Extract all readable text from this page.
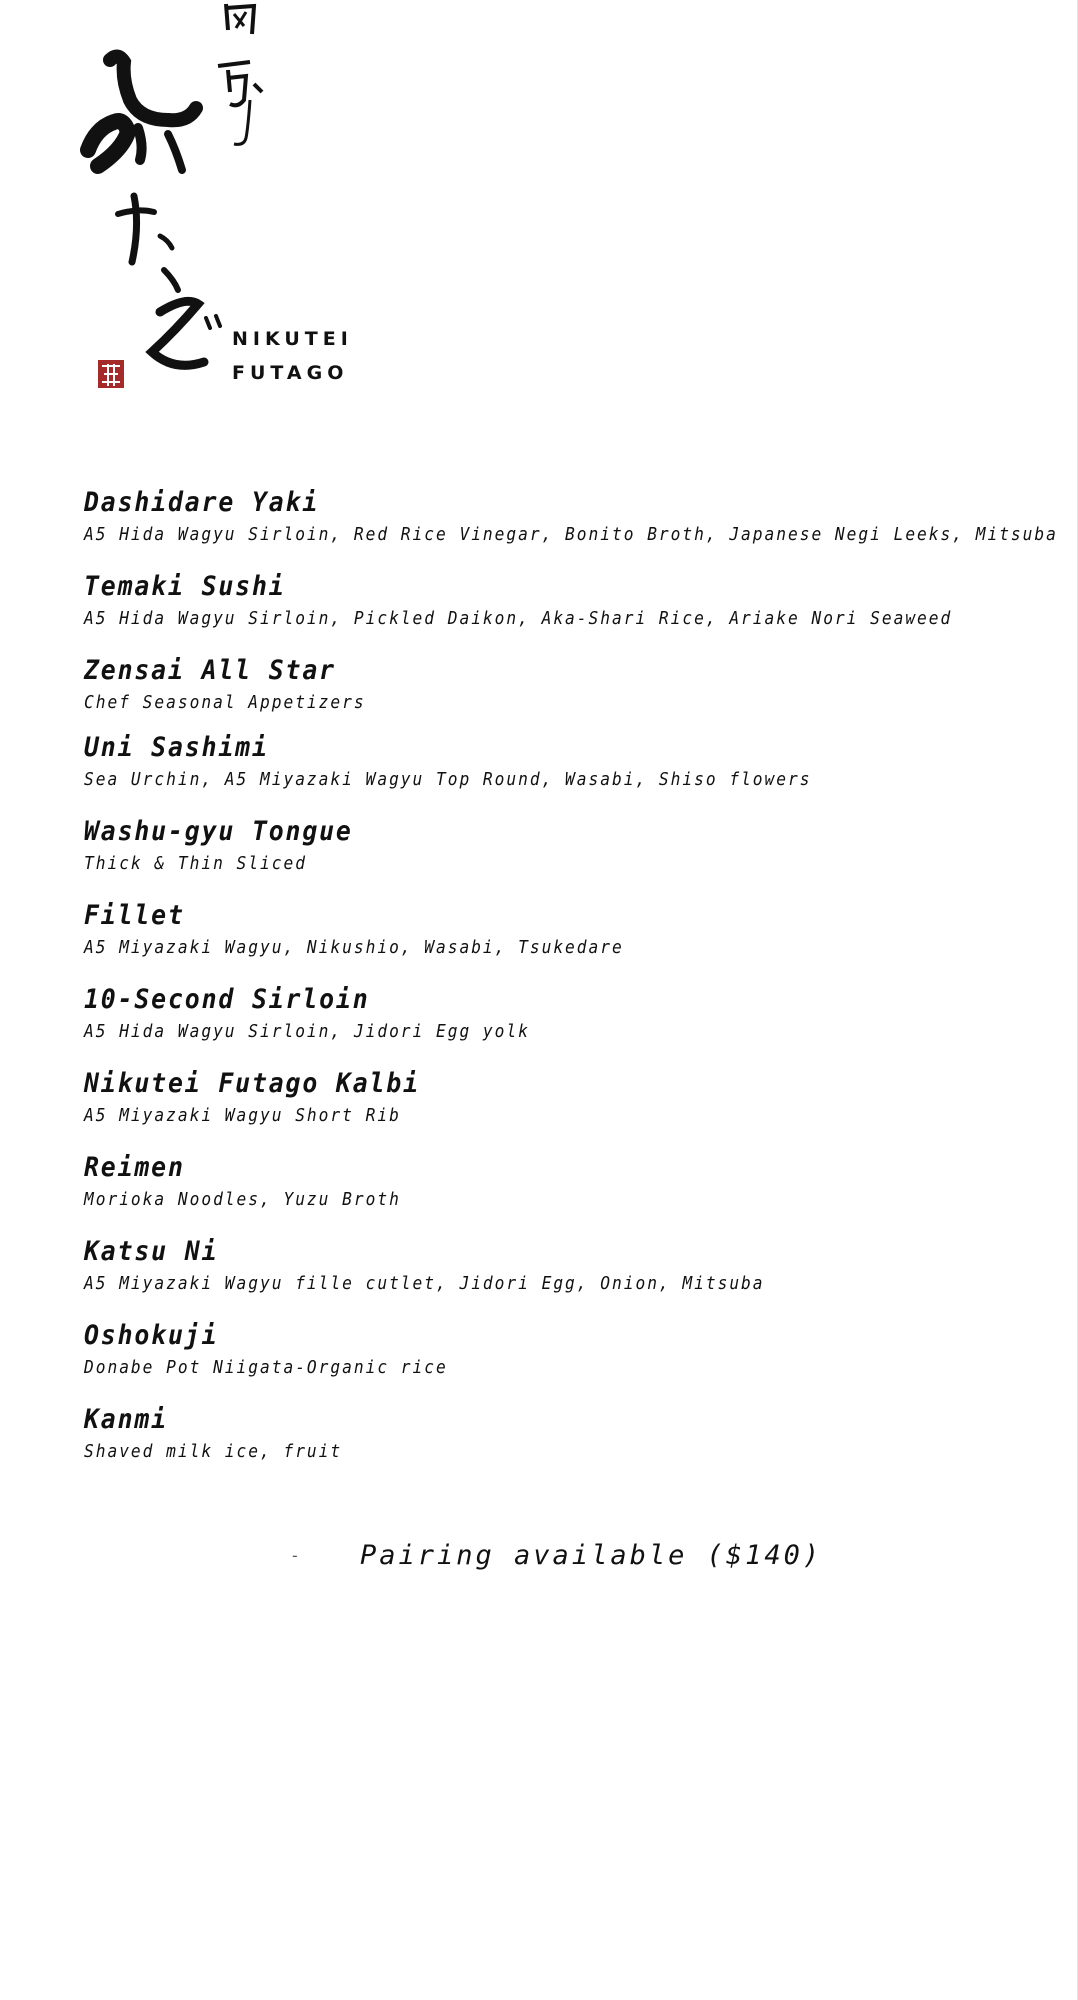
NIKUTEI
FUTAGO
Dashidare Yaki
A5 Hida Wagyu Sirloin, Red Rice Vinegar, Bonito Broth, Japanese Negi Leeks, Mitsuba
Temaki Sushi
A5 Hida Wagyu Sirloin, Pickled Daikon, Aka-Shari Rice, Ariake Nori Seaweed
Zensai All Star
Chef Seasonal Appetizers
Uni Sashimi
Sea Urchin, A5 Miyazaki Wagyu Top Round, Wasabi, Shiso flowers
Washu-gyu Tongue
Thick & Thin Sliced
Fillet
A5 Miyazaki Wagyu, Nikushio, Wasabi, Tsukedare
10-Second Sirloin
A5 Hida Wagyu Sirloin, Jidori Egg yolk
Nikutei Futago Kalbi
A5 Miyazaki Wagyu Short Rib
Reimen
Morioka Noodles, Yuzu Broth
Katsu Ni
A5 Miyazaki Wagyu fille cutlet, Jidori Egg, Onion, Mitsuba
Oshokuji
Donabe Pot Niigata-Organic rice
Kanmi
Shaved milk ice, fruit
-	Pairing available ($140)
